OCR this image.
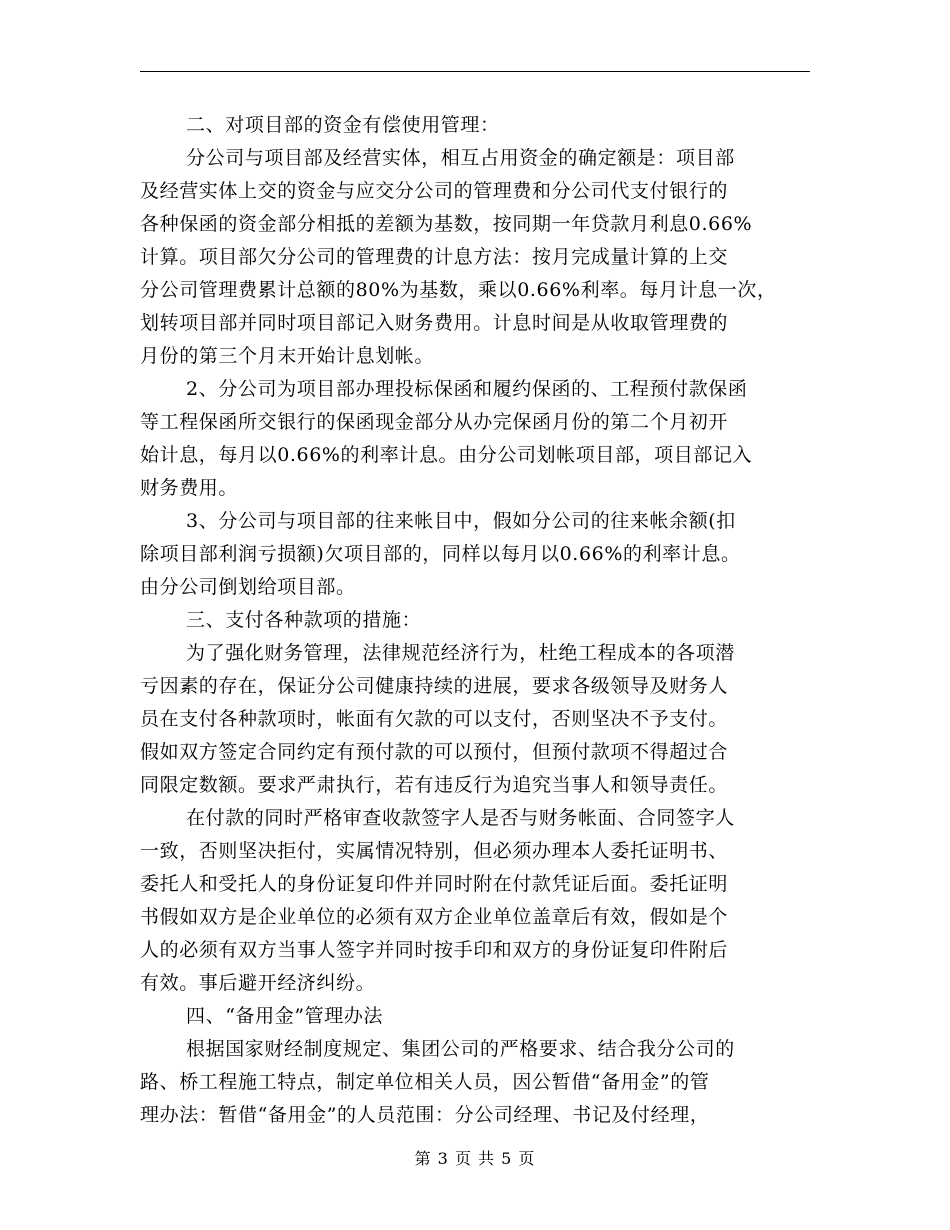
二、对项目部的资金有偿使用管理：
分公司与项目部及经营实体，相互占用资金的确定额是：项目部
及经营实体上交的资金与应交分公司的管理费和分公司代支付银行的
各种保函的资金部分相抵的差额为基数，按同期一年贷款月利息0.66%
计算。项目部欠分公司的管理费的计息方法：按月完成量计算的上交
分公司管理费累计总额的80%为基数，乘以0.66%利率。每月计息一次，
划转项目部并同时项目部记入财务费用。计息时间是从收取管理费的
月份的第三个月末开始计息划帐。
2、分公司为项目部办理投标保函和履约保函的、工程预付款保函
等工程保函所交银行的保函现金部分从办完保函月份的第二个月初开
始计息，每月以0.66%的利率计息。由分公司划帐项目部，项目部记入
财务费用。
3、分公司与项目部的往来帐目中，假如分公司的往来帐余额(扣
除项目部利润亏损额)欠项目部的，同样以每月以0.66%的利率计息。
由分公司倒划给项目部。
三、支付各种款项的措施：
为了强化财务管理，法律规范经济行为，杜绝工程成本的各项潜
亏因素的存在，保证分公司健康持续的进展，要求各级领导及财务人
员在支付各种款项时，帐面有欠款的可以支付，否则坚决不予支付。
假如双方签定合同约定有预付款的可以预付，但预付款项不得超过合
同限定数额。要求严肃执行，若有违反行为追究当事人和领导责任。
在付款的同时严格审查收款签字人是否与财务帐面、合同签字人
一致，否则坚决拒付，实属情况特别，但必须办理本人委托证明书、
委托人和受托人的身份证复印件并同时附在付款凭证后面。委托证明
书假如双方是企业单位的必须有双方企业单位盖章后有效，假如是个
人的必须有双方当事人签字并同时按手印和双方的身份证复印件附后
有效。事后避开经济纠纷。
四、“备用金”管理办法
根据国家财经制度规定、集团公司的严格要求、结合我分公司的
路、桥工程施工特点，制定单位相关人员，因公暂借“备用金”的管
理办法：暂借“备用金”的人员范围：分公司经理、书记及付经理，
第 3 页 共 5 页
